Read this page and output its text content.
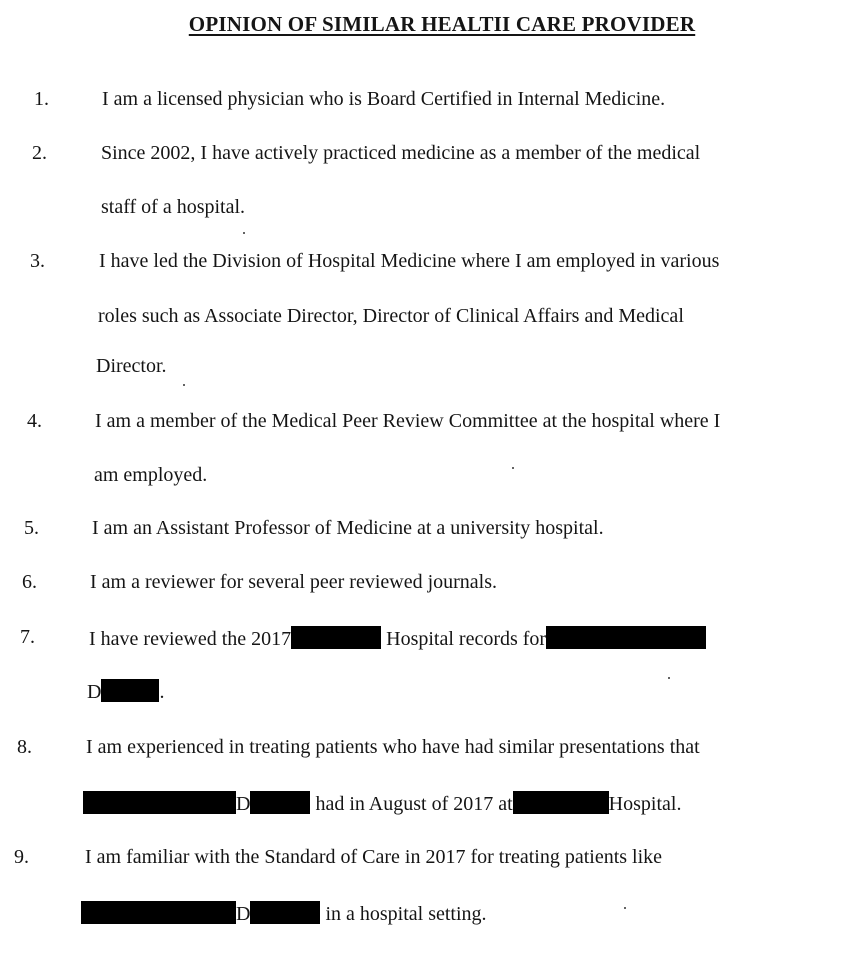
OPINION OF SIMILAR HEALTII CARE PROVIDER
1.	I am a licensed physician who is Board Certified in Internal Medicine.
2.	Since 2002, I have actively practiced medicine as a member of the medical
staff of a hospital.
3.	I have led the Division of Hospital Medicine where I am employed in various
roles such as Associate Director, Director of Clinical Affairs and Medical
Director.
4.	I am a member of the Medical Peer Review Committee at the hospital where I
am employed.
5.	I am an Assistant Professor of Medicine at a university hospital.
6.	I am a reviewer for several peer reviewed journals.
7.	I have reviewed the 2017	Hospital records for
D	.
8.	I am experienced in treating patients who have had similar presentations that
D	had in August of 2017 at	Hospital.
9.	I am familiar with the Standard of Care in 2017 for treating patients like
D	in a hospital setting.
